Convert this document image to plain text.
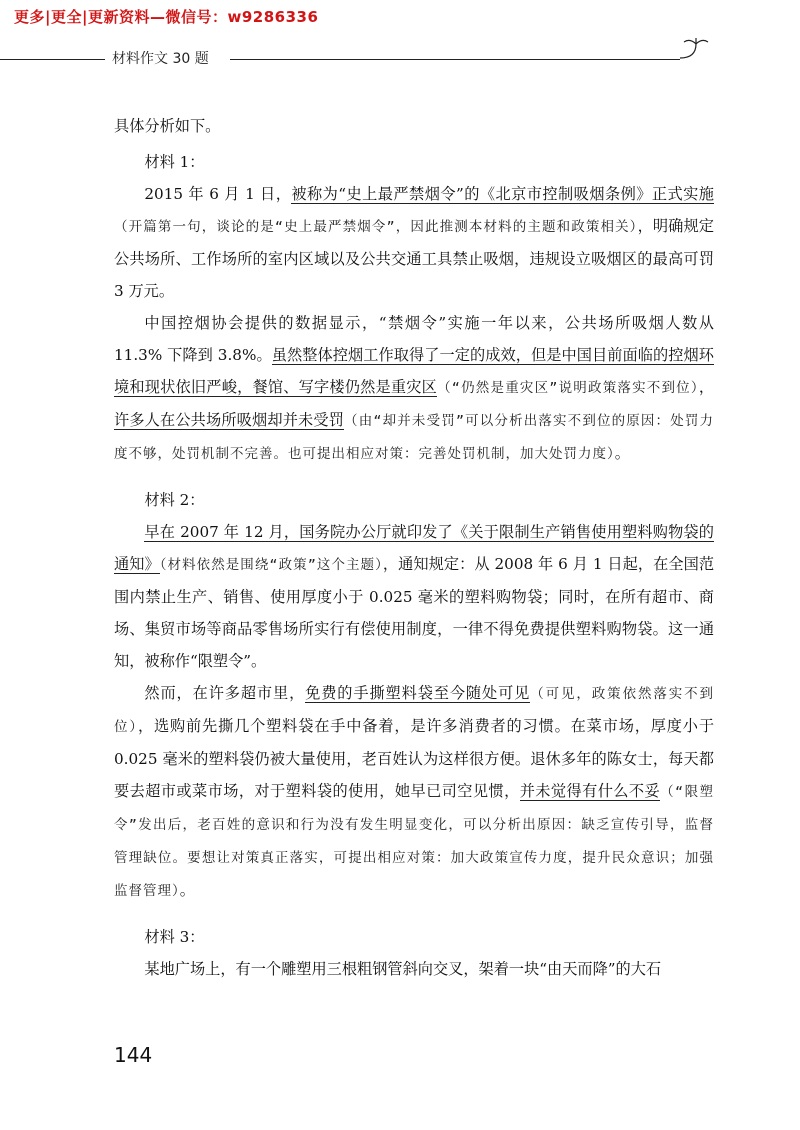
更多|更全|更新资料—微信号：w9286336
材料作文 30 题

具体分析如下。

材料 1：

2015 年 6 月 1 日，被称为“史上最严禁烟令”的《北京市控制吸烟条例》正式实施（开篇第一句，谈论的是“史上最严禁烟令”，因此推测本材料的主题和政策相关），明确规定公共场所、工作场所的室内区域以及公共交通工具禁止吸烟，违规设立吸烟区的最高可罚 3 万元。

中国控烟协会提供的数据显示，“禁烟令”实施一年以来，公共场所吸烟人数从 11.3% 下降到 3.8%。虽然整体控烟工作取得了一定的成效，但是中国目前面临的控烟环境和现状依旧严峻，餐馆、写字楼仍然是重灾区（“仍然是重灾区”说明政策落实不到位），许多人在公共场所吸烟却并未受罚（由“却并未受罚”可以分析出落实不到位的原因：处罚力度不够，处罚机制不完善。也可提出相应对策：完善处罚机制，加大处罚力度）。

材料 2：

早在 2007 年 12 月，国务院办公厅就印发了《关于限制生产销售使用塑料购物袋的通知》（材料依然是围绕“政策”这个主题），通知规定：从 2008 年 6 月 1 日起，在全国范围内禁止生产、销售、使用厚度小于 0.025 毫米的塑料购物袋；同时，在所有超市、商场、集贸市场等商品零售场所实行有偿使用制度，一律不得免费提供塑料购物袋。这一通知，被称作“限塑令”。

然而，在许多超市里，免费的手撕塑料袋至今随处可见（可见，政策依然落实不到位），选购前先撕几个塑料袋在手中备着，是许多消费者的习惯。在菜市场，厚度小于 0.025 毫米的塑料袋仍被大量使用，老百姓认为这样很方便。退休多年的陈女士，每天都要去超市或菜市场，对于塑料袋的使用，她早已司空见惯，并未觉得有什么不妥（“限塑令”发出后，老百姓的意识和行为没有发生明显变化，可以分析出原因：缺乏宣传引导，监督管理缺位。要想让对策真正落实，可提出相应对策：加大政策宣传力度，提升民众意识；加强监督管理）。

材料 3：

某地广场上，有一个雕塑用三根粗钢管斜向交叉，架着一块“由天而降”的大石

144
